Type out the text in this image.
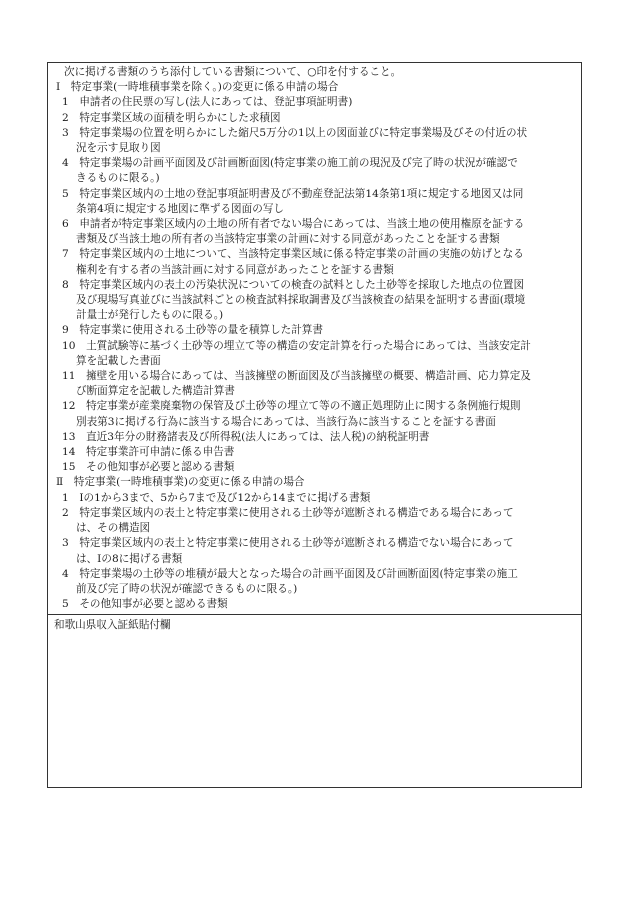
次に掲げる書類のうち添付している書類について、○印を付すること。
Ⅰ　特定事業(一時堆積事業を除く。)の変更に係る申請の場合
1　申請者の住民票の写し(法人にあっては、登記事項証明書)
2　特定事業区域の面積を明らかにした求積図
3　特定事業場の位置を明らかにした縮尺5万分の1以上の図面並びに特定事業場及びその付近の状
況を示す見取り図
4　特定事業場の計画平面図及び計画断面図(特定事業の施工前の現況及び完了時の状況が確認で
きるものに限る。)
5　特定事業区域内の土地の登記事項証明書及び不動産登記法第14条第1項に規定する地図又は同
条第4項に規定する地図に準ずる図面の写し
6　申請者が特定事業区域内の土地の所有者でない場合にあっては、当該土地の使用権原を証する
書類及び当該土地の所有者の当該特定事業の計画に対する同意があったことを証する書類
7　特定事業区域内の土地について、当該特定事業区域に係る特定事業の計画の実施の妨げとなる
権利を有する者の当該計画に対する同意があったことを証する書類
8　特定事業区域内の表土の汚染状況についての検査の試料とした土砂等を採取した地点の位置図
及び現場写真並びに当該試料ごとの検査試料採取調書及び当該検査の結果を証明する書面(環境
計量士が発行したものに限る。)
9　特定事業に使用される土砂等の量を積算した計算書
10　土質試験等に基づく土砂等の埋立て等の構造の安定計算を行った場合にあっては、当該安定計
算を記載した書面
11　擁壁を用いる場合にあっては、当該擁壁の断面図及び当該擁壁の概要、構造計画、応力算定及
び断面算定を記載した構造計算書
12　特定事業が産業廃棄物の保管及び土砂等の埋立て等の不適正処理防止に関する条例施行規則
別表第3に掲げる行為に該当する場合にあっては、当該行為に該当することを証する書面
13　直近3年分の財務諸表及び所得税(法人にあっては、法人税)の納税証明書
14　特定事業許可申請に係る申告書
15　その他知事が必要と認める書類
Ⅱ　特定事業(一時堆積事業)の変更に係る申請の場合
1　Ⅰの1から3まで、5から7まで及び12から14までに掲げる書類
2　特定事業区域内の表土と特定事業に使用される土砂等が遮断される構造である場合にあって
は、その構造図
3　特定事業区域内の表土と特定事業に使用される土砂等が遮断される構造でない場合にあって
は、Ⅰの8に掲げる書類
4　特定事業場の土砂等の堆積が最大となった場合の計画平面図及び計画断面図(特定事業の施工
前及び完了時の状況が確認できるものに限る。)
5　その他知事が必要と認める書類
和歌山県収入証紙貼付欄
